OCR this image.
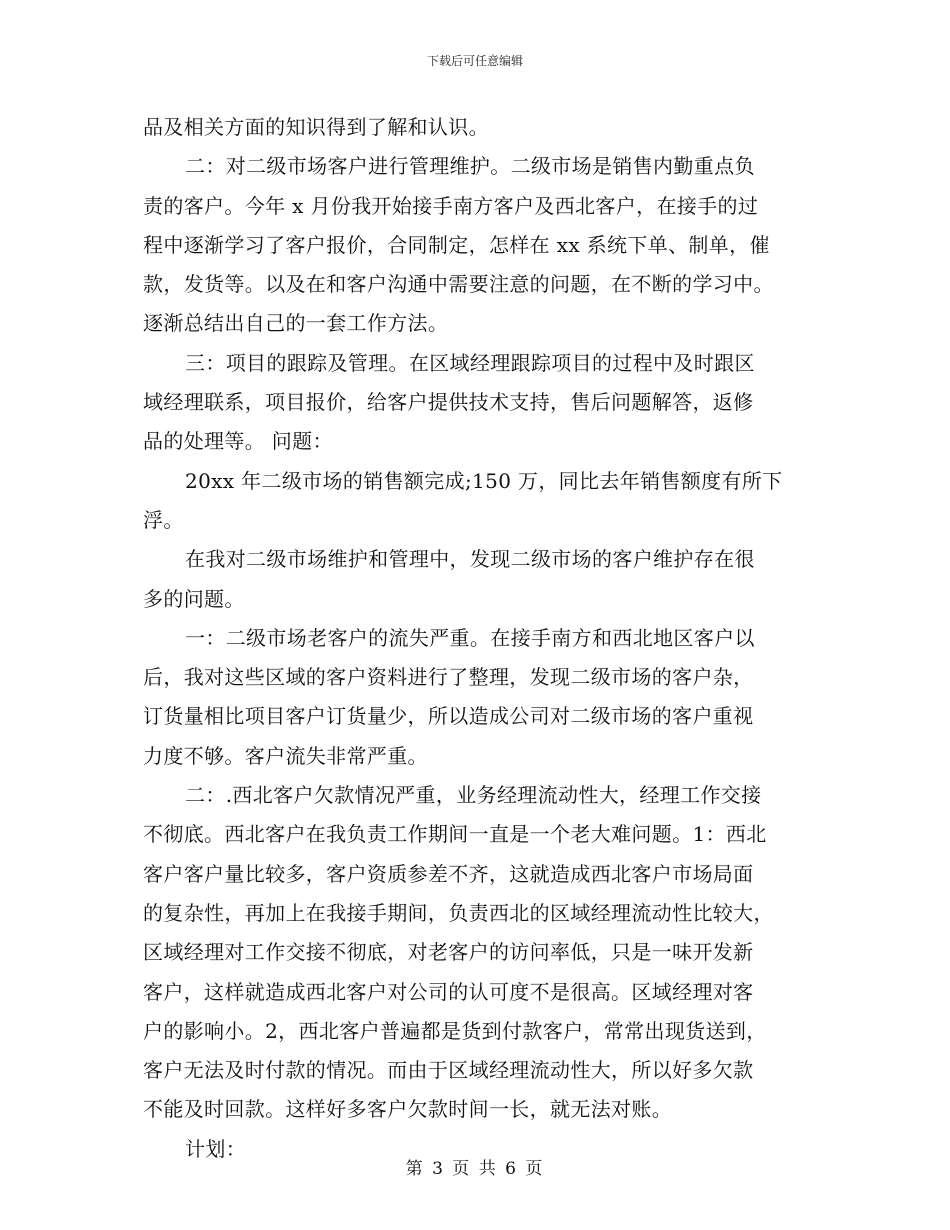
下载后可任意编辑
品及相关方面的知识得到了解和认识。
二：对二级市场客户进行管理维护。二级市场是销售内勤重点负
责的客户。今年 x 月份我开始接手南方客户及西北客户，在接手的过
程中逐渐学习了客户报价，合同制定，怎样在 xx 系统下单、制单，催
款，发货等。以及在和客户沟通中需要注意的问题，在不断的学习中。
逐渐总结出自己的一套工作方法。
三：项目的跟踪及管理。在区域经理跟踪项目的过程中及时跟区
域经理联系，项目报价，给客户提供技术支持，售后问题解答，返修
品的处理等。 问题：
20xx 年二级市场的销售额完成;150 万，同比去年销售额度有所下
浮。
在我对二级市场维护和管理中，发现二级市场的客户维护存在很
多的问题。
一：二级市场老客户的流失严重。在接手南方和西北地区客户以
后，我对这些区域的客户资料进行了整理，发现二级市场的客户杂，
订货量相比项目客户订货量少，所以造成公司对二级市场的客户重视
力度不够。客户流失非常严重。
二：.西北客户欠款情况严重，业务经理流动性大，经理工作交接
不彻底。西北客户在我负责工作期间一直是一个老大难问题。1：西北
客户客户量比较多，客户资质参差不齐，这就造成西北客户市场局面
的复杂性，再加上在我接手期间，负责西北的区域经理流动性比较大，
区域经理对工作交接不彻底，对老客户的访问率低，只是一味开发新
客户，这样就造成西北客户对公司的认可度不是很高。区域经理对客
户的影响小。2，西北客户普遍都是货到付款客户，常常出现货送到，
客户无法及时付款的情况。而由于区域经理流动性大，所以好多欠款
不能及时回款。这样好多客户欠款时间一长，就无法对账。
计划：
第 3 页 共 6 页
